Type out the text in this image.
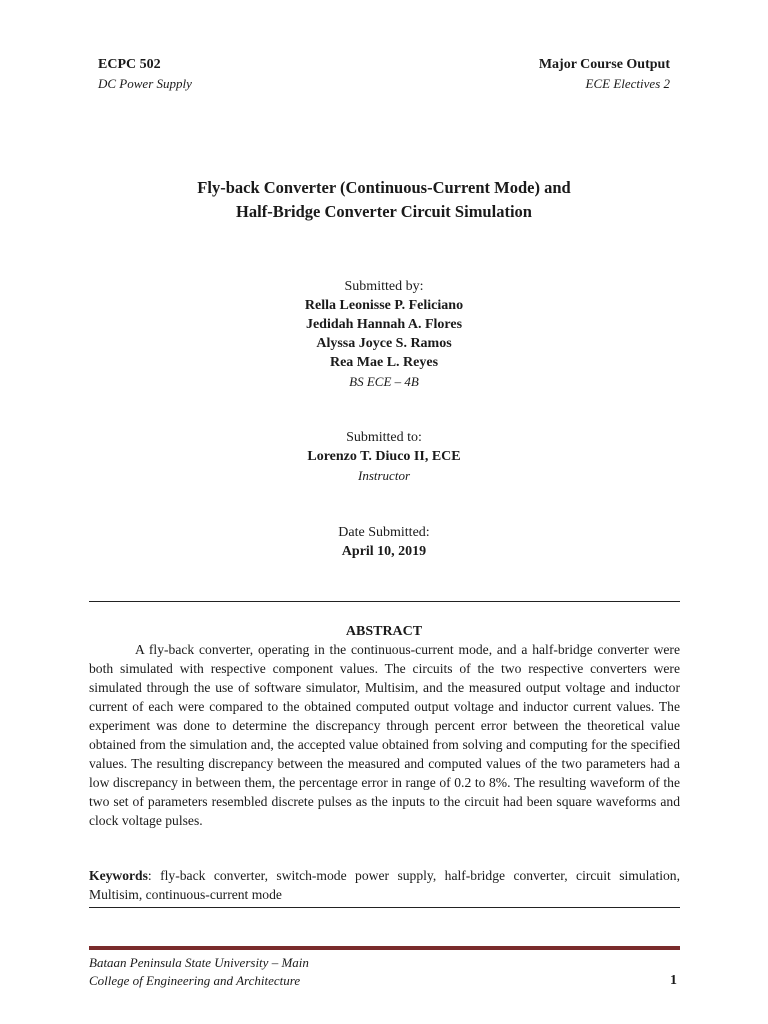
ECPC 502
DC Power Supply
Major Course Output
ECE Electives 2
Fly-back Converter (Continuous-Current Mode) and
Half-Bridge Converter Circuit Simulation
Submitted by:
Rella Leonisse P. Feliciano
Jedidah Hannah A. Flores
Alyssa Joyce S. Ramos
Rea Mae L. Reyes
BS ECE – 4B
Submitted to:
Lorenzo T. Diuco II, ECE
Instructor
Date Submitted:
April 10, 2019
ABSTRACT

A fly-back converter, operating in the continuous-current mode, and a half-bridge converter were both simulated with respective component values. The circuits of the two respective converters were simulated through the use of software simulator, Multisim, and the measured output voltage and inductor current of each were compared to the obtained computed output voltage and inductor current values. The experiment was done to determine the discrepancy through percent error between the theoretical value obtained from the simulation and, the accepted value obtained from solving and computing for the specified values. The resulting discrepancy between the measured and computed values of the two parameters had a low discrepancy in between them, the percentage error in range of 0.2 to 8%. The resulting waveform of the two set of parameters resembled discrete pulses as the inputs to the circuit had been square waveforms and clock voltage pulses.

Keywords: fly-back converter, switch-mode power supply, half-bridge converter, circuit simulation, Multisim, continuous-current mode

Bataan Peninsula State University – Main
College of Engineering and Architecture	1
